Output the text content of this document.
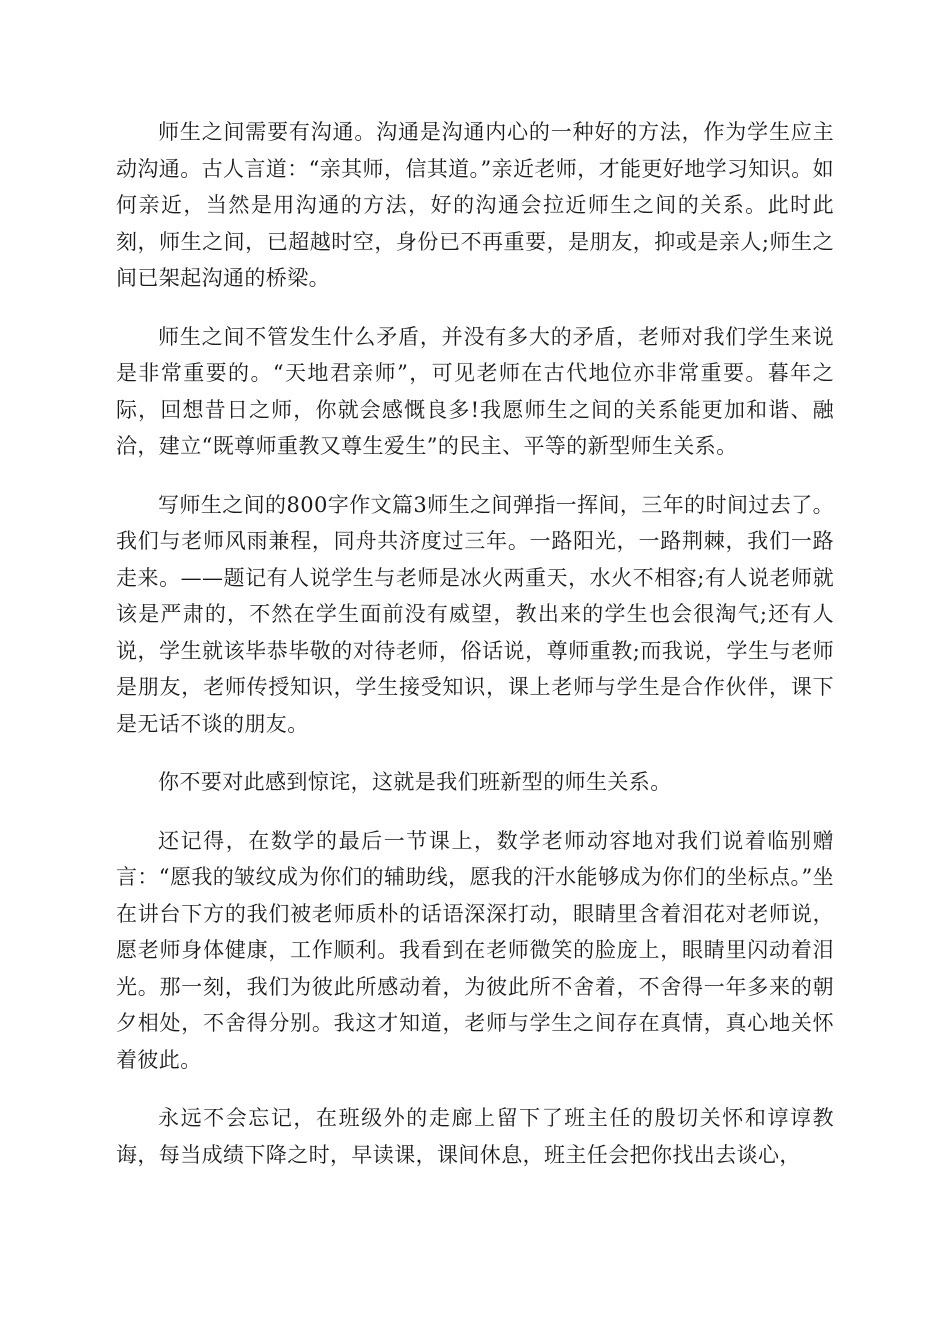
师生之间需要有沟通。沟通是沟通内心的一种好的方法，作为学生应主动沟通。古人言道：“亲其师，信其道。”亲近老师，才能更好地学习知识。如何亲近，当然是用沟通的方法，好的沟通会拉近师生之间的关系。此时此刻，师生之间，已超越时空，身份已不再重要，是朋友，抑或是亲人;师生之间已架起沟通的桥梁。

师生之间不管发生什么矛盾，并没有多大的矛盾，老师对我们学生来说是非常重要的。“天地君亲师”，可见老师在古代地位亦非常重要。暮年之际，回想昔日之师，你就会感慨良多!我愿师生之间的关系能更加和谐、融洽，建立“既尊师重教又尊生爱生”的民主、平等的新型师生关系。

写师生之间的800字作文篇3师生之间弹指一挥间，三年的时间过去了。我们与老师风雨兼程，同舟共济度过三年。一路阳光，一路荆棘，我们一路走来。——题记有人说学生与老师是冰火两重天，水火不相容;有人说老师就该是严肃的，不然在学生面前没有威望，教出来的学生也会很淘气;还有人说，学生就该毕恭毕敬的对待老师，俗话说，尊师重教;而我说，学生与老师是朋友，老师传授知识，学生接受知识，课上老师与学生是合作伙伴，课下是无话不谈的朋友。

你不要对此感到惊诧，这就是我们班新型的师生关系。

还记得，在数学的最后一节课上，数学老师动容地对我们说着临别赠言：“愿我的皱纹成为你们的辅助线，愿我的汗水能够成为你们的坐标点。”坐在讲台下方的我们被老师质朴的话语深深打动，眼睛里含着泪花对老师说，愿老师身体健康，工作顺利。我看到在老师微笑的脸庞上，眼睛里闪动着泪光。那一刻，我们为彼此所感动着，为彼此所不舍着，不舍得一年多来的朝夕相处，不舍得分别。我这才知道，老师与学生之间存在真情，真心地关怀着彼此。

永远不会忘记，在班级外的走廊上留下了班主任的殷切关怀和谆谆教诲，每当成绩下降之时，早读课，课间休息，班主任会把你找出去谈心，
